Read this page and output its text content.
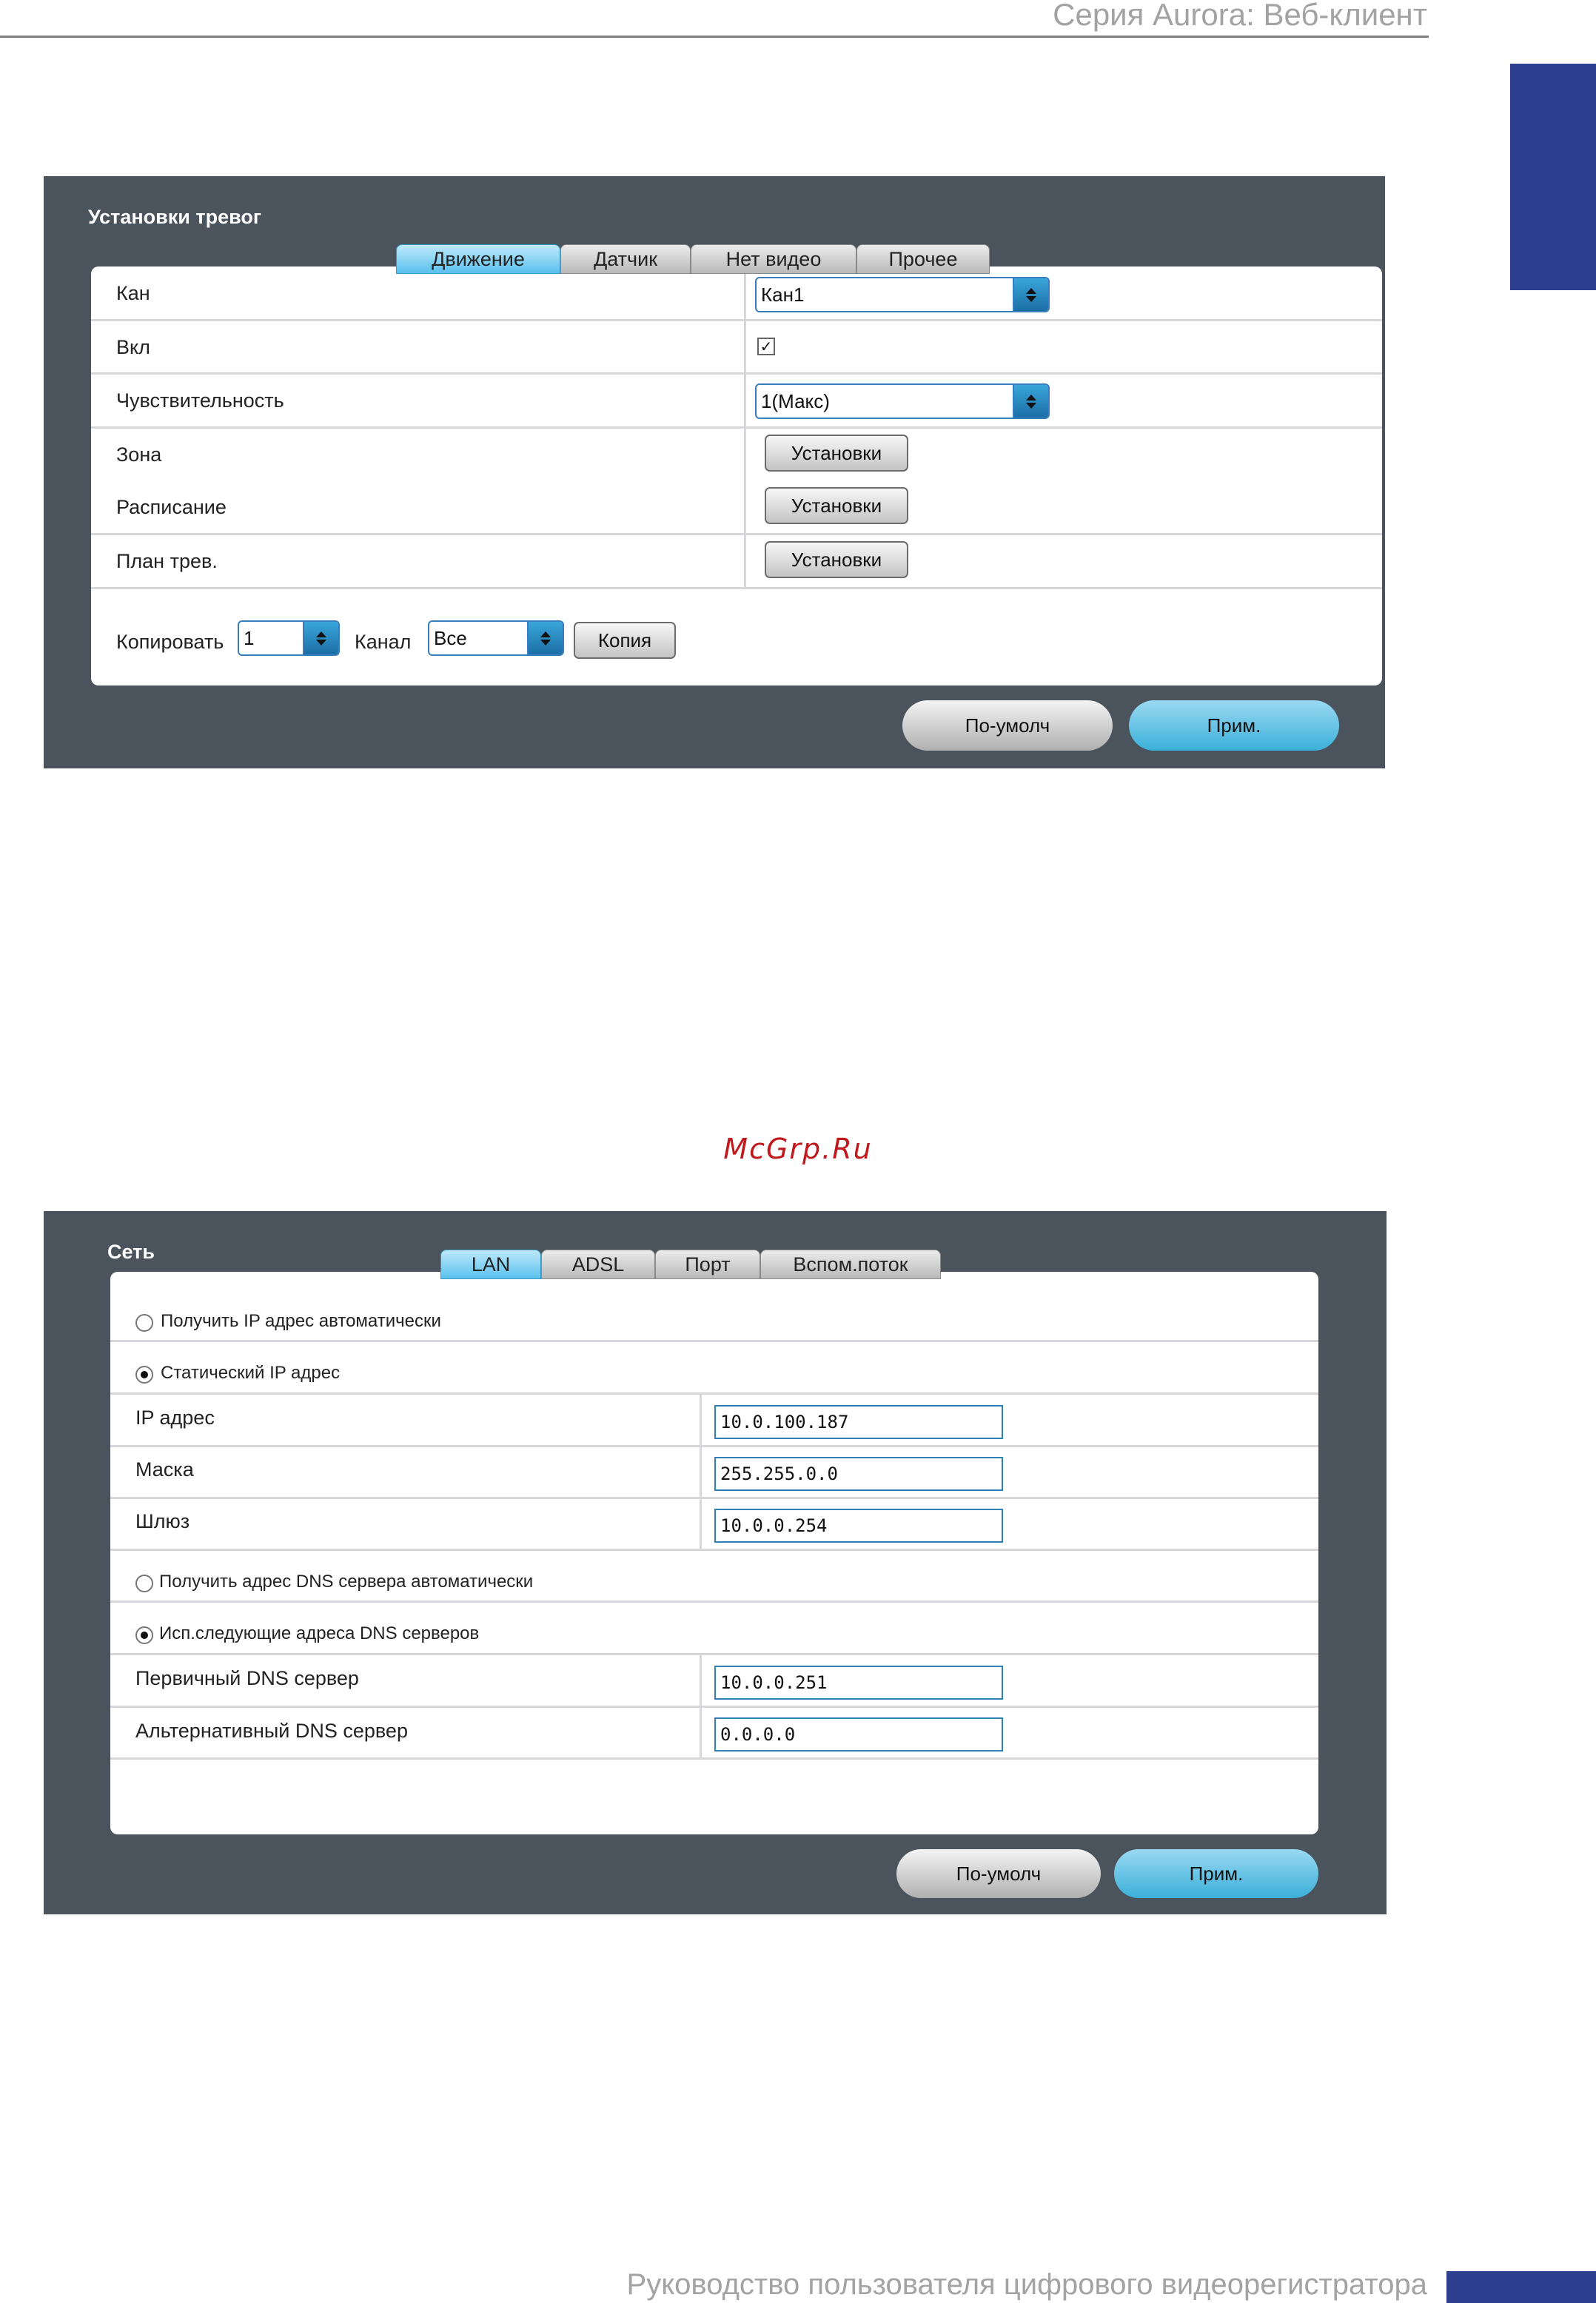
Серия Aurora: Веб-клиент
McGrp.Ru
Руководство пользователя цифрового видеорегистратора
Установки тревог
Кан	Кан1
Вкл	✓
Чувствительность	1(Макс)
Зона	Установки
Расписание	Установки
План трев.	Установки
Копировать 1	Канал Все	Копия
Движение	Датчик	Нет видео	Прочее
По-умолч	Прим.
Сеть
Получить IP адрес автоматически
Статический IP адрес
IP адрес	10.0.100.187
Маска	255.255.0.0
Шлюз	10.0.0.254
Получить адрес DNS сервера автоматически
Исп.следующие адреса DNS серверов
Первичный DNS сервер	10.0.0.251
Альтернативный DNS сервер	0.0.0.0
LAN	ADSL	Порт	Вспом.поток
По-умолч	Прим.
